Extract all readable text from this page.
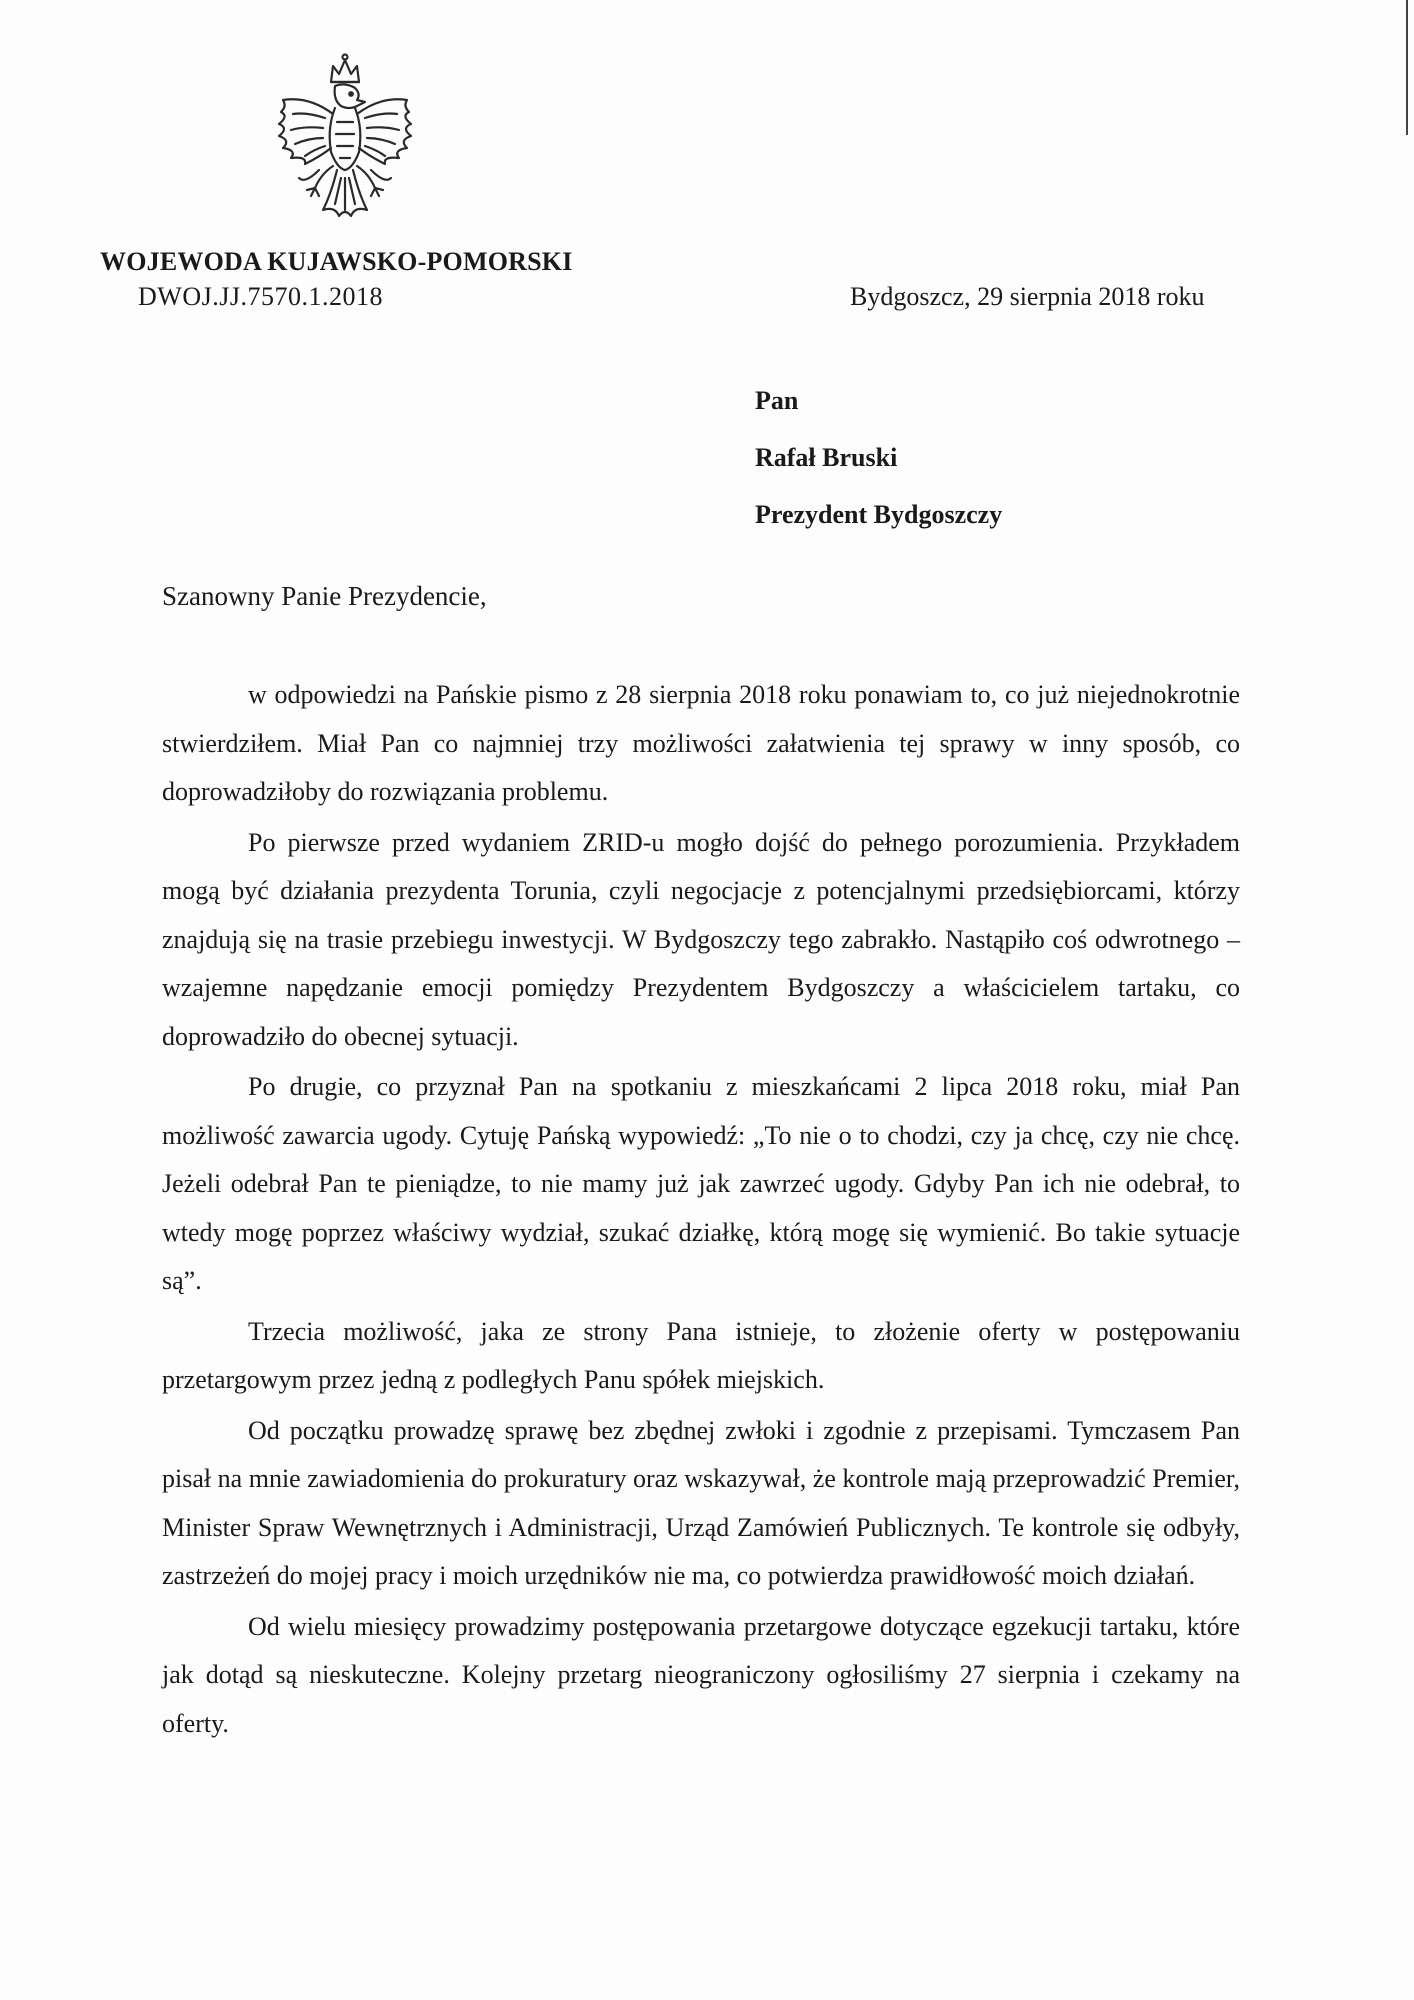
WOJEWODA KUJAWSKO-POMORSKI
DWOJ.JJ.7570.1.2018	Bydgoszcz, 29 sierpnia 2018 roku
Pan
Rafał Bruski
Prezydent Bydgoszczy
Szanowny Panie Prezydencie,

w odpowiedzi na Pańskie pismo z 28 sierpnia 2018 roku ponawiam to, co już niejednokrotnie stwierdziłem. Miał Pan co najmniej trzy możliwości załatwienia tej sprawy w inny sposób, co doprowadziłoby do rozwiązania problemu.

Po pierwsze przed wydaniem ZRID-u mogło dojść do pełnego porozumienia. Przykładem mogą być działania prezydenta Torunia, czyli negocjacje z potencjalnymi przedsiębiorcami, którzy znajdują się na trasie przebiegu inwestycji. W Bydgoszczy tego zabrakło. Nastąpiło coś odwrotnego – wzajemne napędzanie emocji pomiędzy Prezydentem Bydgoszczy a właścicielem tartaku, co doprowadziło do obecnej sytuacji.

Po drugie, co przyznał Pan na spotkaniu z mieszkańcami 2 lipca 2018 roku, miał Pan możliwość zawarcia ugody. Cytuję Pańską wypowiedź: „To nie o to chodzi, czy ja chcę, czy nie chcę. Jeżeli odebrał Pan te pieniądze, to nie mamy już jak zawrzeć ugody. Gdyby Pan ich nie odebrał, to wtedy mogę poprzez właściwy wydział, szukać działkę, którą mogę się wymienić. Bo takie sytuacje są”.

Trzecia możliwość, jaka ze strony Pana istnieje, to złożenie oferty w postępowaniu przetargowym przez jedną z podległych Panu spółek miejskich.

Od początku prowadzę sprawę bez zbędnej zwłoki i zgodnie z przepisami. Tymczasem Pan pisał na mnie zawiadomienia do prokuratury oraz wskazywał, że kontrole mają przeprowadzić Premier, Minister Spraw Wewnętrznych i Administracji, Urząd Zamówień Publicznych. Te kontrole się odbyły, zastrzeżeń do mojej pracy i moich urzędników nie ma, co potwierdza prawidłowość moich działań.

Od wielu miesięcy prowadzimy postępowania przetargowe dotyczące egzekucji tartaku, które jak dotąd są nieskuteczne. Kolejny przetarg nieograniczony ogłosiliśmy 27 sierpnia i czekamy na oferty.
